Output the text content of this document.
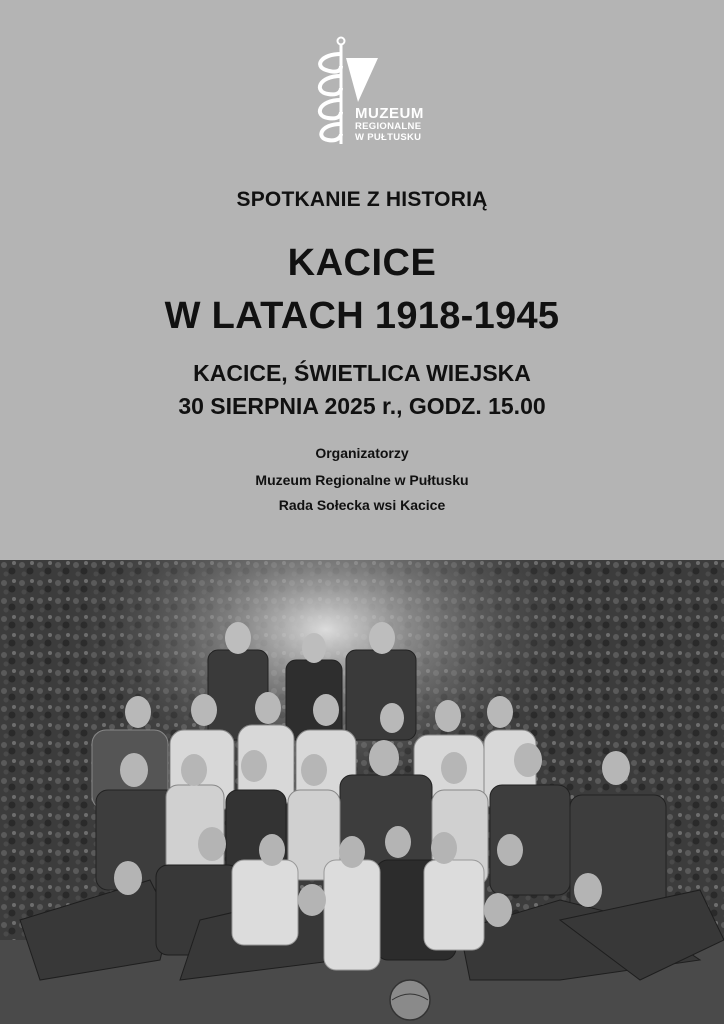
MUZEUM
REGIONALNE
W PUŁTUSKU
SPOTKANIE Z HISTORIĄ
KACICE
W LATACH 1918-1945
KACICE, ŚWIETLICA WIEJSKA
30 SIERPNIA 2025 r., GODZ. 15.00
Organizatorzy
Muzeum Regionalne w Pułtusku
Rada Sołecka wsi Kacice
